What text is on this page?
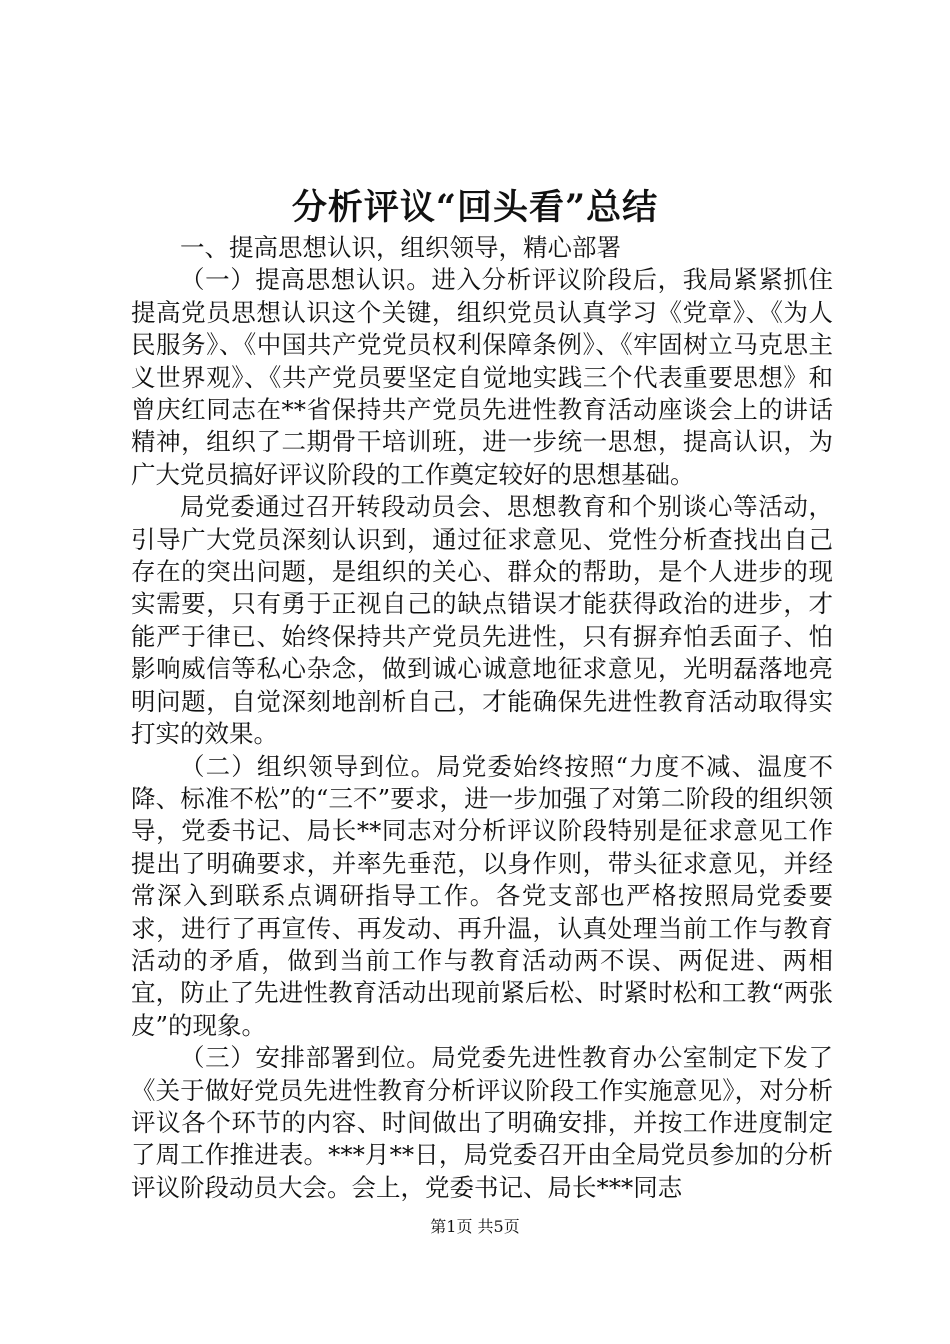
分析评议“回头看”总结

一、提高思想认识，组织领导，精心部署

（一）提高思想认识。进入分析评议阶段后，我局紧紧抓住提高党员思想认识这个关键，组织党员认真学习《党章》、《为人民服务》、《中国共产党党员权利保障条例》、《牢固树立马克思主义世界观》、《共产党员要坚定自觉地实践三个代表重要思想》和曾庆红同志在**省保持共产党员先进性教育活动座谈会上的讲话精神，组织了二期骨干培训班，进一步统一思想，提高认识，为广大党员搞好评议阶段的工作奠定较好的思想基础。

局党委通过召开转段动员会、思想教育和个别谈心等活动，引导广大党员深刻认识到，通过征求意见、党性分析查找出自己存在的突出问题，是组织的关心、群众的帮助，是个人进步的现实需要，只有勇于正视自己的缺点错误才能获得政治的进步，才能严于律已、始终保持共产党员先进性，只有摒弃怕丢面子、怕影响威信等私心杂念，做到诚心诚意地征求意见，光明磊落地亮明问题，自觉深刻地剖析自己，才能确保先进性教育活动取得实打实的效果。

（二）组织领导到位。局党委始终按照“力度不减、温度不降、标准不松”的“三不”要求，进一步加强了对第二阶段的组织领导，党委书记、局长**同志对分析评议阶段特别是征求意见工作提出了明确要求，并率先垂范，以身作则，带头征求意见，并经常深入到联系点调研指导工作。各党支部也严格按照局党委要求，进行了再宣传、再发动、再升温，认真处理当前工作与教育活动的矛盾，做到当前工作与教育活动两不误、两促进、两相宜，防止了先进性教育活动出现前紧后松、时紧时松和工教“两张皮”的现象。

（三）安排部署到位。局党委先进性教育办公室制定下发了《关于做好党员先进性教育分析评议阶段工作实施意见》，对分析评议各个环节的内容、时间做出了明确安排，并按工作进度制定了周工作推进表。***月**日，局党委召开由全局党员参加的分析评议阶段动员大会。会上，党委书记、局长***同志

第1页 共5页
